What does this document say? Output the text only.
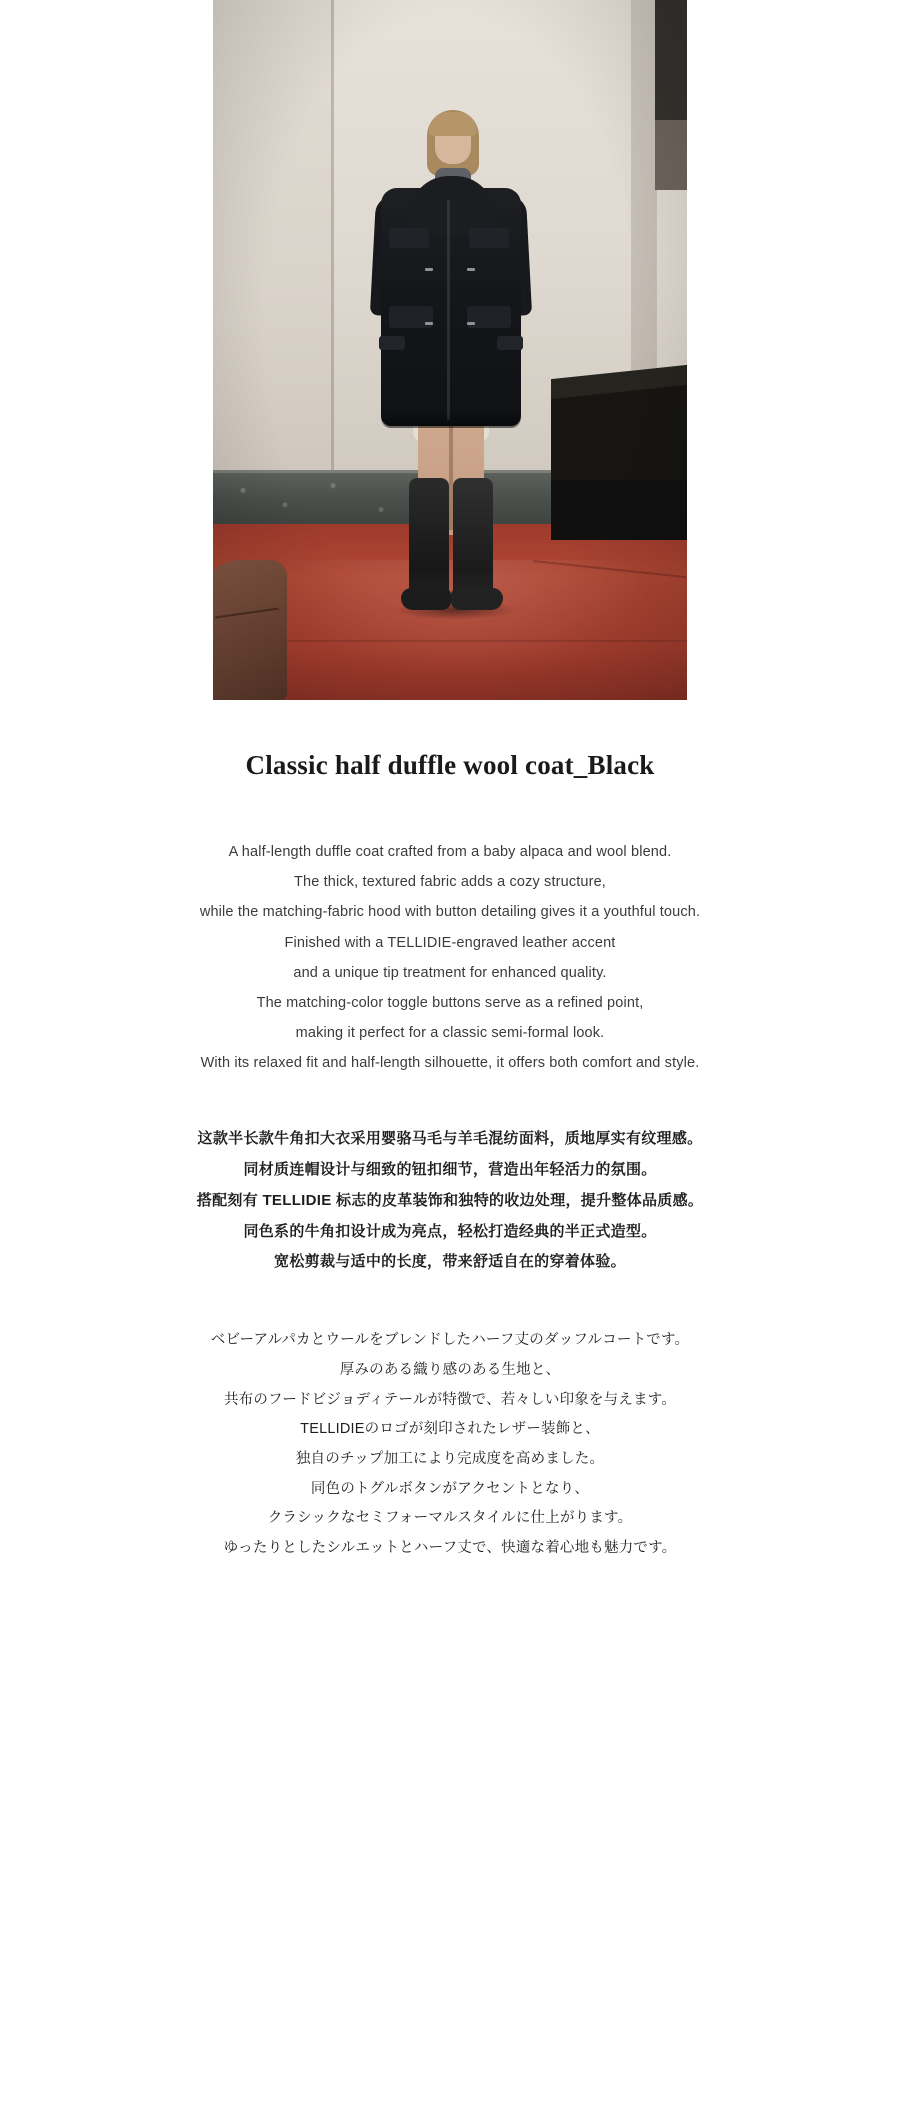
Classic half duffle wool coat_Black
A half-length duffle coat crafted from a baby alpaca and wool blend.
The thick, textured fabric adds a cozy structure,
while the matching-fabric hood with button detailing gives it a youthful touch.
Finished with a TELLIDIE-engraved leather accent
and a unique tip treatment for enhanced quality.
The matching-color toggle buttons serve as a refined point,
making it perfect for a classic semi-formal look.
With its relaxed fit and half-length silhouette, it offers both comfort and style.
这款半长款牛角扣大衣采用婴骆马毛与羊毛混纺面料，质地厚实有纹理感。
同材质连帽设计与细致的钮扣细节，营造出年轻活力的氛围。
搭配刻有 TELLIDIE 标志的皮革装饰和独特的收边处理，提升整体品质感。
同色系的牛角扣设计成为亮点，轻松打造经典的半正式造型。
宽松剪裁与适中的长度，带来舒适自在的穿着体验。
ベビーアルパカとウールをブレンドしたハーフ丈のダッフルコートです。
厚みのある織り感のある生地と、
共布のフードビジョディテールが特徴で、若々しい印象を与えます。
TELLIDIEのロゴが刻印されたレザー装飾と、
独自のチップ加工により完成度を高めました。
同色のトグルボタンがアクセントとなり、
クラシックなセミフォーマルスタイルに仕上がります。
ゆったりとしたシルエットとハーフ丈で、快適な着心地も魅力です。
